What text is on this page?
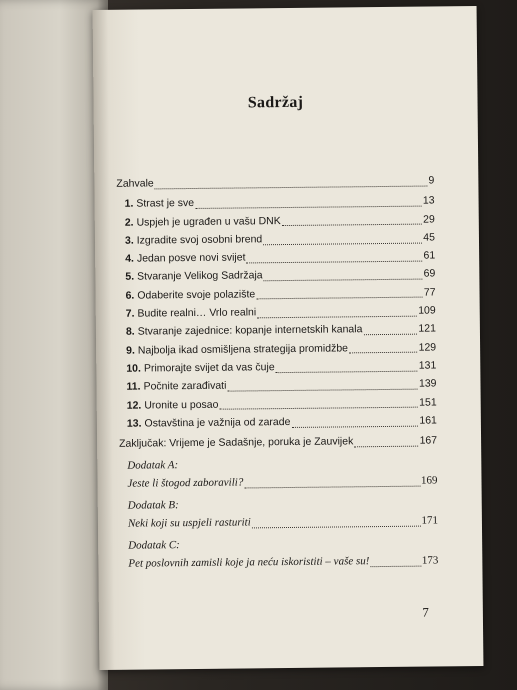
Sadržaj
Zahvale	9
1. Strast je sve	13
2. Uspjeh je ugrađen u vašu DNK	29
3. Izgradite svoj osobni brend	45
4. Jedan posve novi svijet	61
5. Stvaranje Velikog Sadržaja	69
6. Odaberite svoje polazište	77
7. Budite realni… Vrlo realni	109
8. Stvaranje zajednice: kopanje internetskih kanala	121
9. Najbolja ikad osmišljena strategija promidžbe	129
10. Primorajte svijet da vas čuje	131
11. Počnite zarađivati	139
12. Uronite u posao	151
13. Ostavština je važnija od zarade	161
Zaključak: Vrijeme je Sadašnje, poruka je Zauvijek	167
Dodatak A:
Jeste li štogod zaboravili?	169
Dodatak B:
Neki koji su uspjeli rasturiti	171
Dodatak C:
Pet poslovnih zamisli koje ja neću iskoristiti – vaše su!	173
7
